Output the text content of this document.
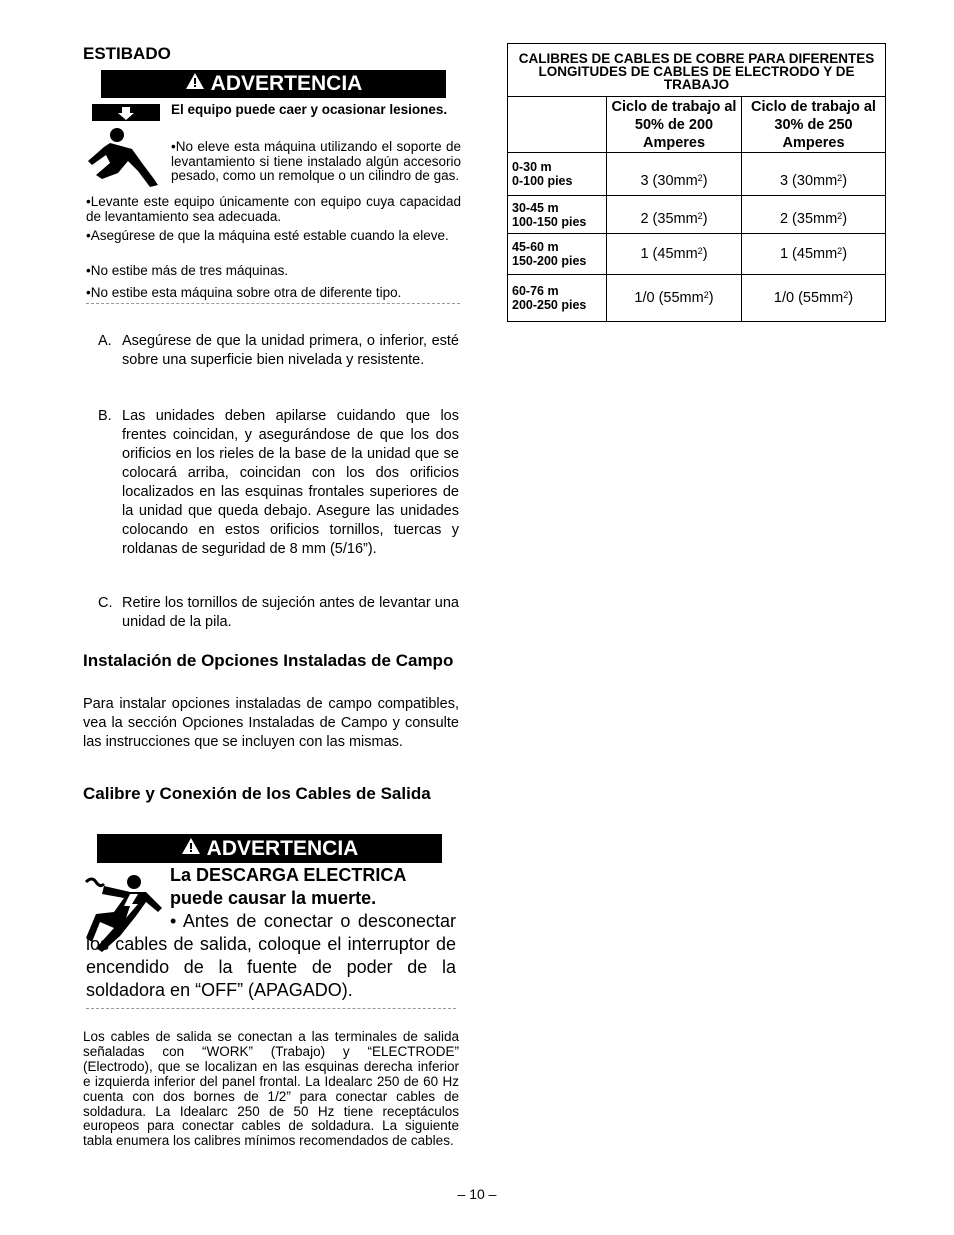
ESTIBADO
ADVERTENCIA
El equipo puede caer y ocasionar lesiones.
•No eleve esta máquina utilizando el soporte de levantamiento si tiene instalado algún accesorio pesado, como un remolque o un cilindro de gas.
•Levante este equipo únicamente con equipo cuya capacidad de levantamiento sea adecuada.
•Asegúrese de que la máquina esté estable cuando la eleve.
•No estibe más de tres máquinas.
•No estibe esta máquina sobre otra de diferente tipo.
A. Asegúrese de que la unidad primera, o inferior, esté sobre una superficie bien nivelada y resistente.
B. Las unidades deben apilarse cuidando que los frentes coincidan, y asegurándose de que los dos orificios en los rieles de la base de la unidad que se colocará arriba, coincidan con los dos orificios localizados en las esquinas frontales superiores de la unidad que queda debajo. Asegure las unidades colocando en estos orificios tornillos, tuercas y roldanas de seguridad de 8 mm (5/16”).
C. Retire los tornillos de sujeción antes de levantar una unidad de la pila.
Instalación de Opciones Instaladas de Campo
Para instalar opciones instaladas de campo compatibles, vea la sección Opciones Instaladas de Campo y consulte las instrucciones que se incluyen con las mismas.
Calibre y Conexión de los Cables de Salida
ADVERTENCIA
La DESCARGA ELECTRICA
puede causar la muerte.
• Antes de conectar o desconectar los cables de salida, coloque el interruptor de encendido de la fuente de poder de la soldadora en “OFF” (APAGADO).
Los cables de salida se conectan a las terminales de salida señaladas con “WORK” (Trabajo) y “ELECTRODE” (Electrodo), que se localizan en las esquinas derecha inferior e izquierda inferior del panel frontal. La Idealarc 250 de 60 Hz cuenta con dos bornes de 1/2” para conectar cables de soldadura. La Idealarc 250 de 50 Hz tiene receptáculos europeos para conectar cables de soldadura. La siguiente tabla enumera los calibres mínimos recomendados de cables.
CALIBRES DE CABLES DE COBRE PARA DIFERENTES LONGITUDES DE CABLES DE ELECTRODO Y DE TRABAJO		
	Ciclo de trabajo al 50% de 200 Amperes	Ciclo de trabajo al 30% de 250 Amperes
0-30 m
0-100 pies	3 $(30mm^2)$	3 $(30mm^2)$
30-45 m
100-150 pies	2 $(35mm^2)$	2 $(35mm^2)$
45-60 m
150-200 pies	1 $(45mm^2)$	1 $(45mm^2)$
60-76 m
200-250 pies	1/0 $(55mm^2)$	1/0 $(55mm^2)$
– 10 –
